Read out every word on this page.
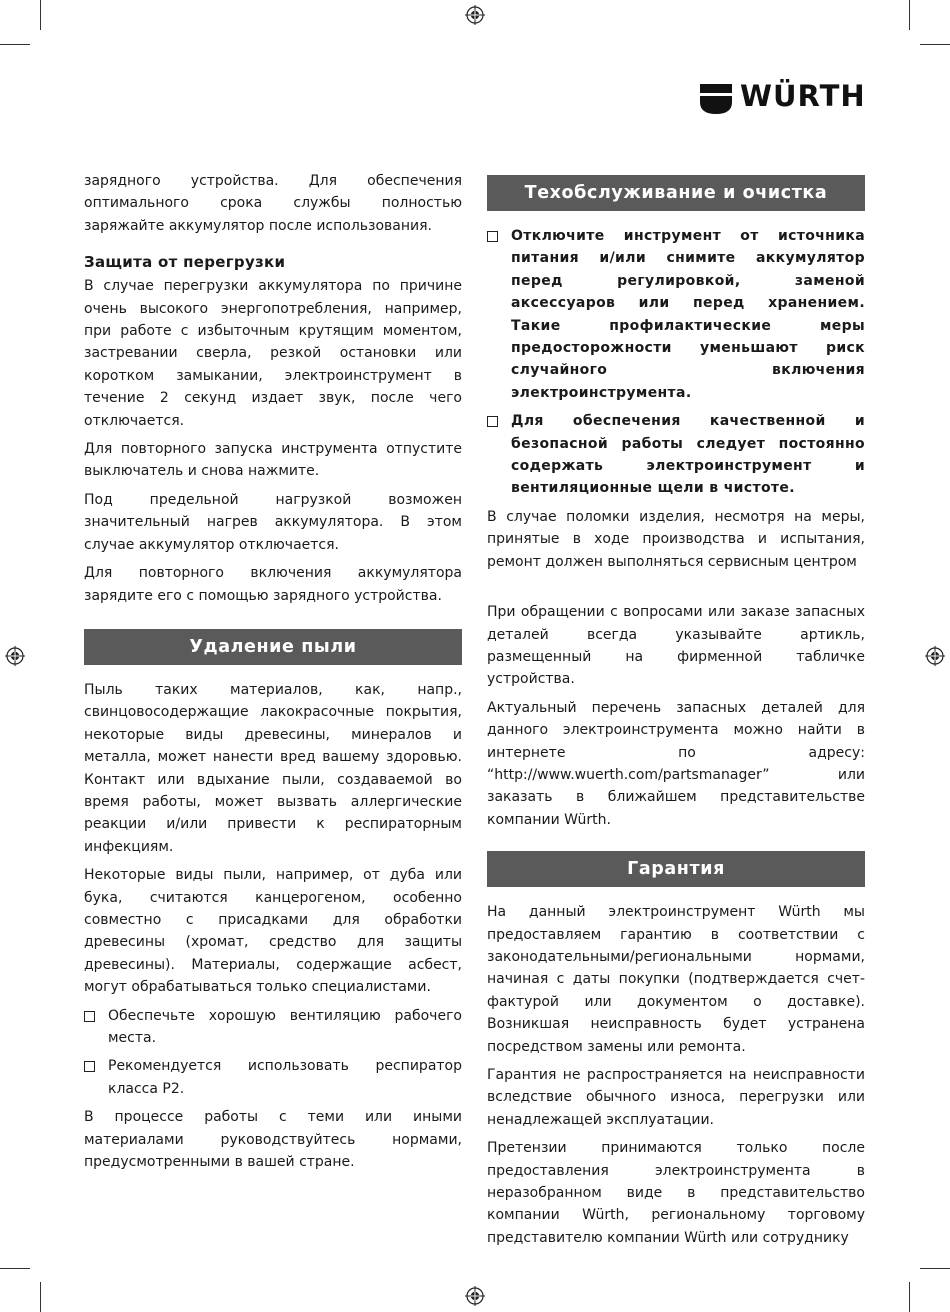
WÜRTH

зарядного устройства. Для обеспечения оптимального срока службы полностью заряжайте аккумулятор после использования.

Защита от перегрузки

В случае перегрузки аккумулятора по причине очень высокого энергопотребления, например, при работе с избыточным крутящим моментом, застревании сверла, резкой остановки или коротком замыкании, электроинструмент в течение 2 секунд издает звук, после чего отключается.

Для повторного запуска инструмента отпустите выключатель и снова нажмите.

Под предельной нагрузкой возможен значительный нагрев аккумулятора. В этом случае аккумулятор отключается.

Для повторного включения аккумулятора зарядите его с помощью зарядного устройства.

Удаление пыли

Пыль таких материалов, как, напр., свинцовосодержащие лакокрасочные покрытия, некоторые виды древесины, минералов и металла, может нанести вред вашему здоровью. Контакт или вдыхание пыли, создаваемой во время работы, может вызвать аллергические реакции и/или привести к респираторным инфекциям.

Некоторые виды пыли, например, от дуба или бука, считаются канцерогеном, особенно совместно с присадками для обработки древесины (хромат, средство для защиты древесины). Материалы, содержащие асбест, могут обрабатываться только специалистами.

Обеспечьте хорошую вентиляцию рабочего места.
Рекомендуется использовать респиратор класса Р2.

В процессе работы с теми или иными материалами руководствуйтесь нормами, предусмотренными в вашей стране.

Техобслуживание и очистка
Отключите инструмент от источника питания и/или снимите аккумулятор перед регулировкой, заменой аксессуаров или перед хранением. Такие профилактические меры предосторожности уменьшают риск случайного включения электроинструмента.
Для обеспечения качественной и безопасной работы следует постоянно содержать электроинструмент и вентиляционные щели в чистоте.

В случае поломки изделия, несмотря на меры, принятые в ходе производства и испытания, ремонт должен выполняться сервисным центром

При обращении с вопросами или заказе запасных деталей всегда указывайте артикль, размещенный на фирменной табличке устройства.

Актуальный перечень запасных деталей для данного электроинструмента можно найти в интернете по адресу: “http://www.wuerth.com/partsmanager” или заказать в ближайшем представительстве компании Würth.

Гарантия

На данный электроинструмент Würth мы предоставляем гарантию в соответствии с законодательными/региональными нормами, начиная с даты покупки (подтверждается счет-фактурой или документом о доставке). Возникшая неисправность будет устранена посредством замены или ремонта.

Гарантия не распространяется на неисправности вследствие обычного износа, перегрузки или ненадлежащей эксплуатации.

Претензии принимаются только после предоставления электроинструмента в неразобранном виде в представительство компании Würth, региональному торговому представителю компании Würth или сотруднику
